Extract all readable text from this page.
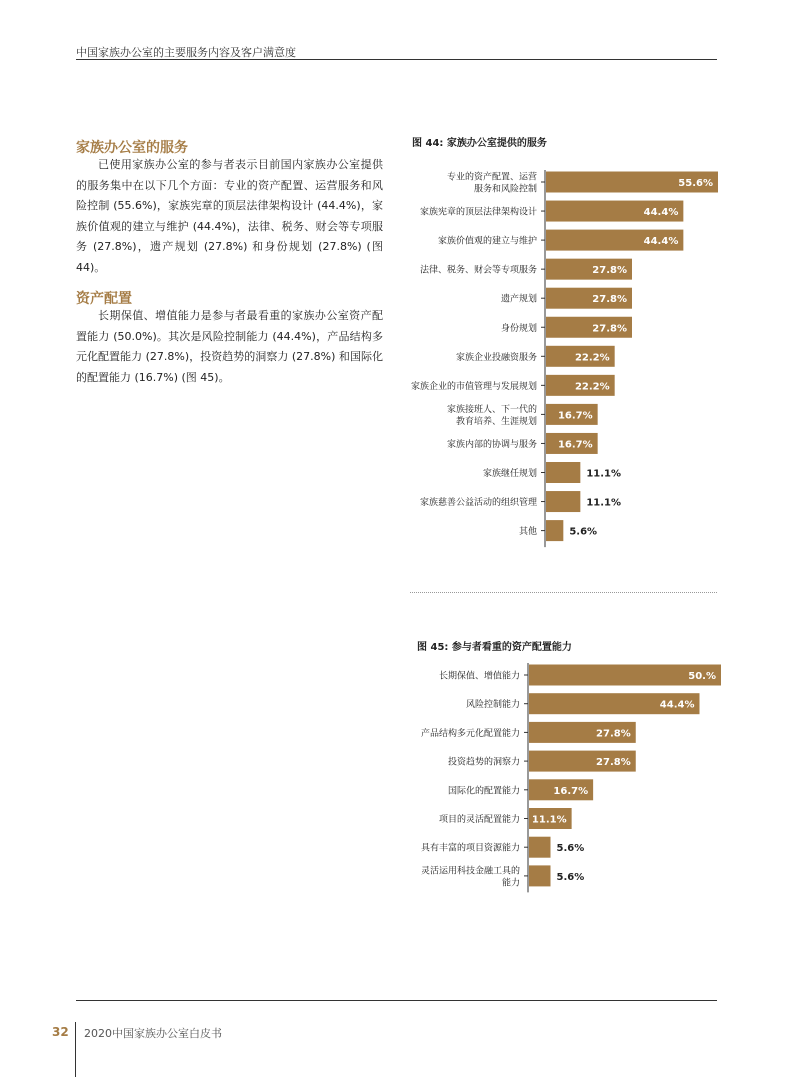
中国家族办公室的主要服务内容及客户满意度
家族办公室的服务

已使用家族办公室的参与者表示目前国内家族办公室提供的服务集中在以下几个方面：专业的资产配置、运营服务和风险控制 (55.6%)，家族宪章的顶层法律架构设计 (44.4%)，家族价值观的建立与维护 (44.4%)，法律、税务、财会等专项服务 (27.8%)，遗产规划 (27.8%) 和身份规划 (27.8%) (图 44)。

资产配置

长期保值、增值能力是参与者最看重的家族办公室资产配置能力 (50.0%)。其次是风险控制能力 (44.4%)，产品结构多元化配置能力 (27.8%)，投资趋势的洞察力 (27.8%) 和国际化的配置能力 (16.7%) (图 45)。

图 44: 家族办公室提供的服务
专业的资产配置、运营
服务和风险控制
55.6%
家族宪章的顶层法律架构设计	44.4%
家族价值观的建立与维护	44.4%
法律、税务、财会等专项服务	27.8%
遗产规划	27.8%
身份规划	27.8%
家族企业投融资服务	22.2%
家族企业的市值管理与发展规划	22.2%
家族接班人、下一代的
教育培养、生涯规划
16.7%
家族内部的协调与服务 16.7%
家族继任规划	11.1%
家族慈善公益活动的组织管理	11.1%
其他	5.6%
图 45: 参与者看重的资产配置能力
长期保值、增值能力	50.%
风险控制能力	44.4%
产品结构多元化配置能力	27.8%
投资趋势的洞察力	27.8%
国际化的配置能力	16.7%
项目的灵活配置能力 11.1%
具有丰富的项目资源能力	5.6%
灵活运用科技金融工具的
能力
5.6%
32 2020中国家族办公室白皮书
